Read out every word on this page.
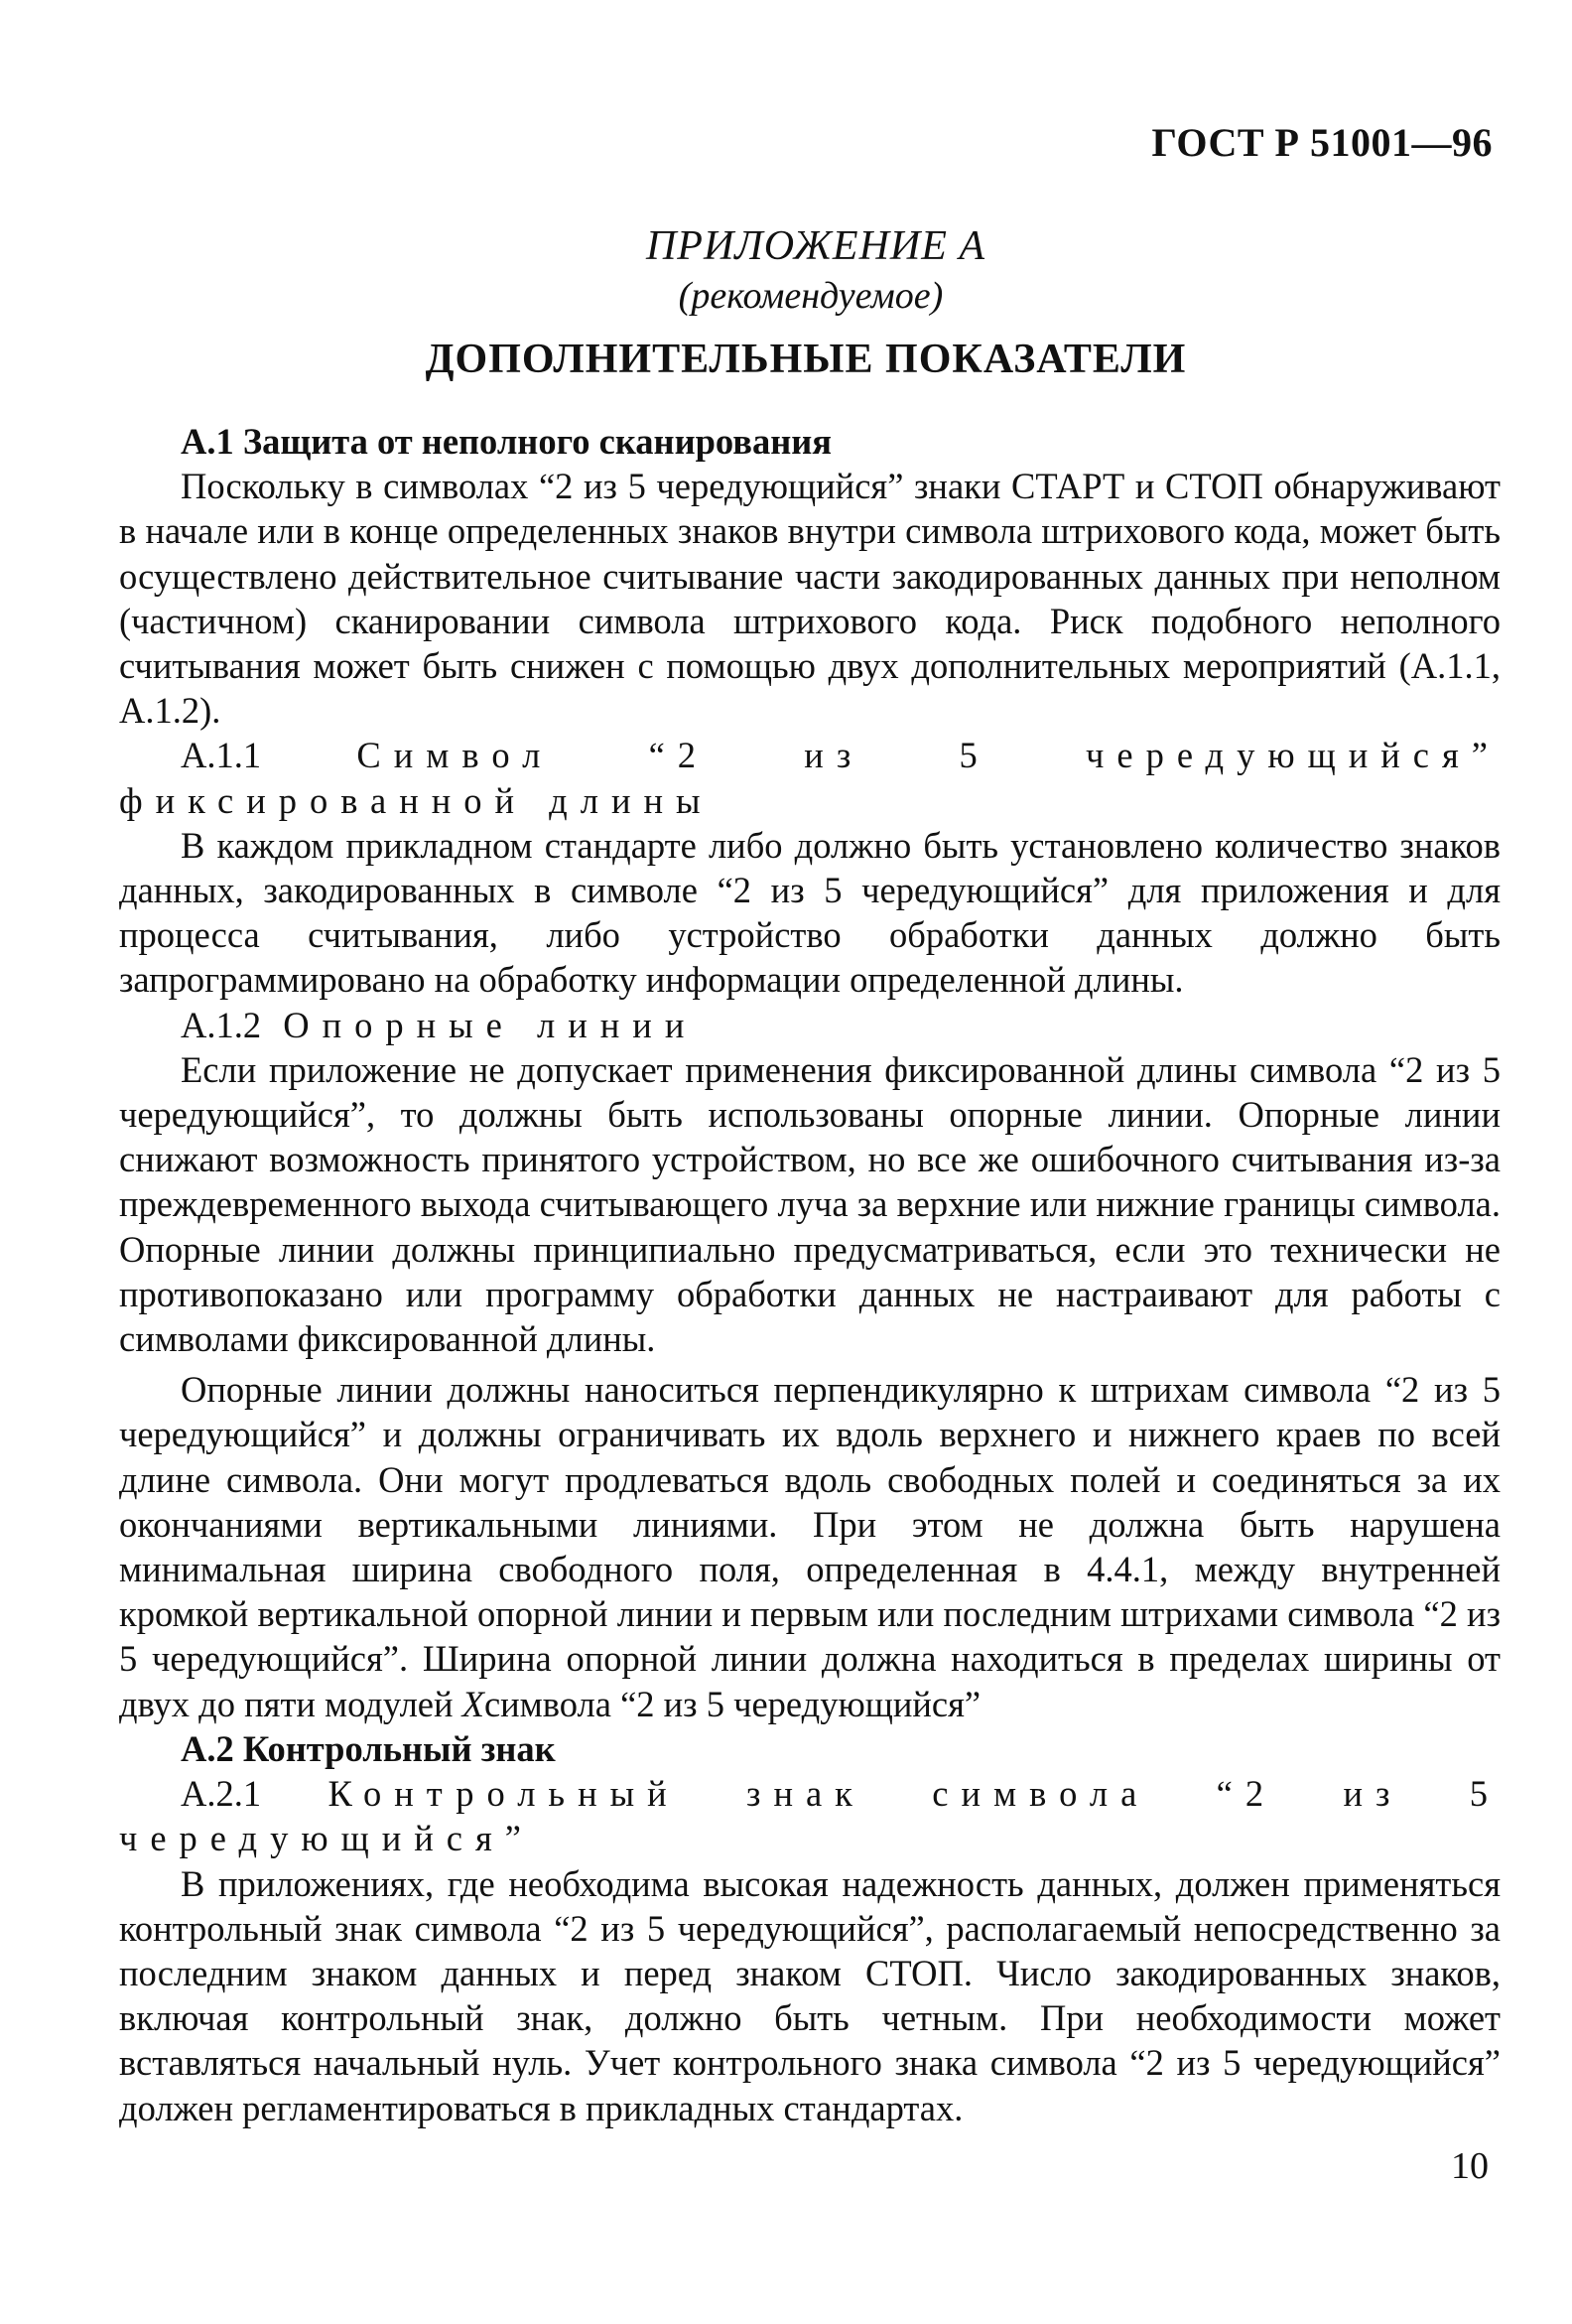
ГОСТ Р 51001—96

ПРИЛОЖЕНИЕ А

(рекомендуемое)

ДОПОЛНИТЕЛЬНЫЕ ПОКАЗАТЕЛИ

А.1 Защита от неполного сканирования

Поскольку в символах “2 из 5 чередующийся” знаки СТАРТ и СТОП обнаруживают в начале или в конце определенных знаков внутри символа штрихового кода, может быть осуществлено действительное считывание части закодированных данных при неполном (частичном) сканировании символа штрихового кода. Риск подобного неполного считывания может быть снижен с помощью двух дополнительных мероприятий (А.1.1, А.1.2).

А.1.1	Символ “2 из 5 чередующийся” фиксированной длины

В каждом прикладном стандарте либо должно быть установлено количество знаков данных, закодированных в символе “2 из 5 чередующийся” для приложения и для процесса считывания, либо устройство обработки данных должно быть запрограммировано на обработку информации определенной длины.

А.1.2 Опорные линии

Если приложение не допускает применения фиксированной длины символа “2 из 5 чередующийся”, то должны быть использованы опорные линии. Опорные линии снижают возможность принятого устройством, но все же ошибочного считывания из-за преждевременного выхода считывающего луча за верхние или нижние границы символа. Опорные линии должны принципиально предусматриваться, если это технически не противопоказано или программу обработки данных не настраивают для работы с символами фиксированной длины.

Опорные линии должны наноситься перпендикулярно к штрихам символа “2 из 5 чередующийся” и должны ограничивать их вдоль верхнего и нижнего краев по всей длине символа. Они могут продлеваться вдоль свободных полей и соединяться за их окончаниями вертикальными линиями. При этом не должна быть нарушена минимальная ширина свободного поля, определенная в 4.4.1, между внутренней кромкой вертикальной опорной линии и первым или последним штрихами символа “2 из 5 чередующийся”. Ширина опорной линии должна находиться в пределах ширины от двух до пяти модулей Xсимвола “2 из 5 чередующийся”

А.2 Контрольный знак

А.2.1 Контрольный знак символа “2 из 5 чередующийся”

В приложениях, где необходима высокая надежность данных, должен применяться контрольный знак символа “2 из 5 чередующийся”, располагаемый непосредственно за последним знаком данных и перед знаком СТОП. Число закодированных знаков, включая контрольный знак, должно быть четным. При необходимости может вставляться начальный нуль. Учет контрольного знака символа “2 из 5 чередующийся” должен регламентироваться в прикладных стандартах.

10
